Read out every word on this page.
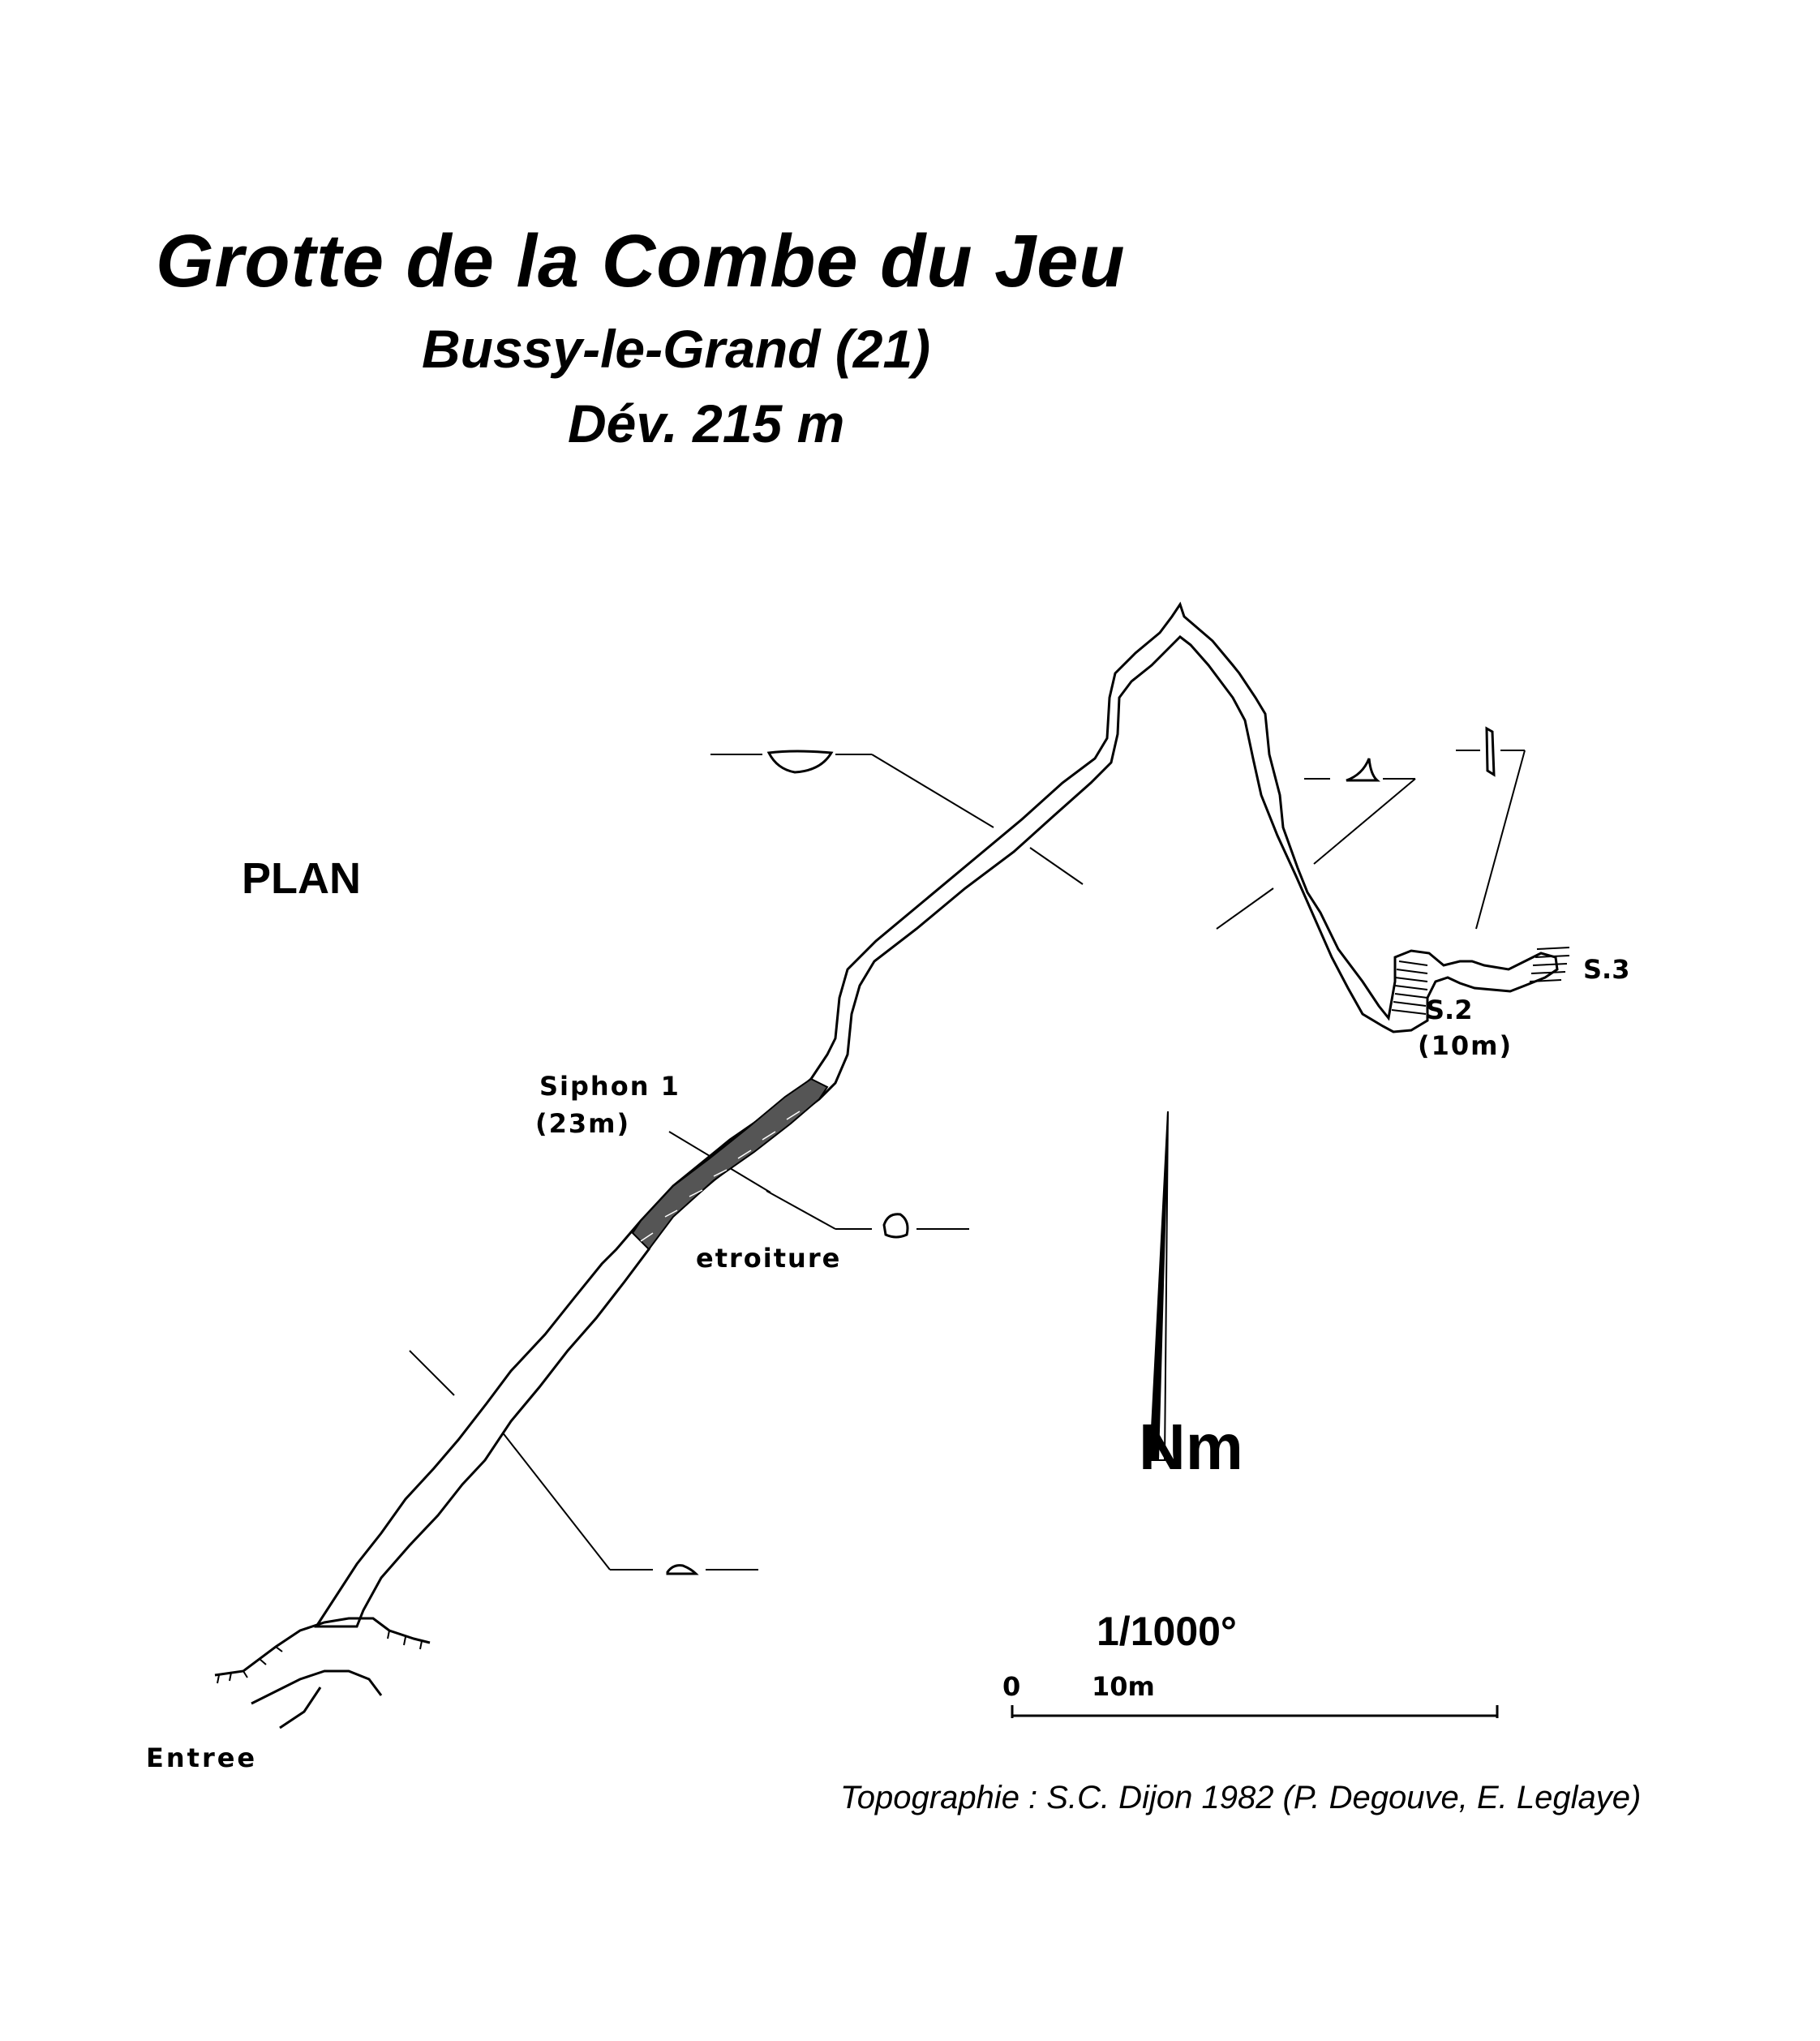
Grotte de la Combe du Jeu
Bussy-le-Grand (21)
Dév. 215 m
PLAN
Siphon 1
(23m)
etroiture
S.2
(10m)
S.3
Entree
Nm
1/1000°
0	10m
Topographie : S.C. Dijon 1982 (P. Degouve, E. Leglaye)
